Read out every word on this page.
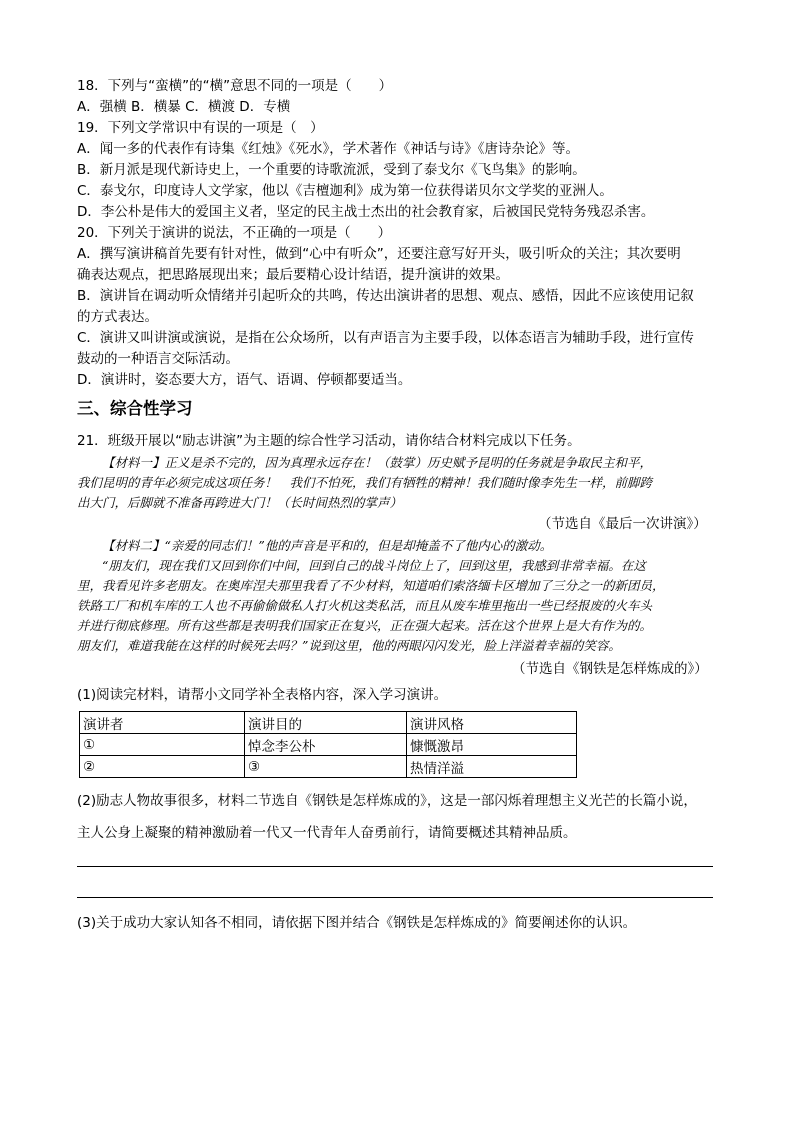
18．下列与“蛮横”的“横”意思不同的一项是（　　）
A．强横 B．横暴 C．横渡 D．专横
19．下列文学常识中有误的一项是（　）
A．闻一多的代表作有诗集《红烛》《死水》，学术著作《神话与诗》《唐诗杂论》等。
B．新月派是现代新诗史上，一个重要的诗歌流派，受到了泰戈尔《飞鸟集》的影响。
C．泰戈尔，印度诗人文学家，他以《吉檀迦利》成为第一位获得诺贝尔文学奖的亚洲人。
D．李公朴是伟大的爱国主义者，坚定的民主战士杰出的社会教育家，后被国民党特务残忍杀害。
20．下列关于演讲的说法，不正确的一项是（　　）
A．撰写演讲稿首先要有针对性，做到“心中有听众”，还要注意写好开头，吸引听众的关注；其次要明
确表达观点，把思路展现出来；最后要精心设计结语，提升演讲的效果。
B．演讲旨在调动听众情绪并引起听众的共鸣，传达出演讲者的思想、观点、感悟，因此不应该使用记叙
的方式表达。
C．演讲又叫讲演或演说，是指在公众场所，以有声语言为主要手段，以体态语言为辅助手段，进行宣传
鼓动的一种语言交际活动。
D．演讲时，姿态要大方，语气、语调、停顿都要适当。
三、综合性学习
21．班级开展以“励志讲演”为主题的综合性学习活动，请你结合材料完成以下任务。
【材料一】正义是杀不完的，因为真理永远存在！（鼓掌）历史赋予昆明的任务就是争取民主和平，
我们昆明的青年必须完成这项任务！　我们不怕死，我们有牺牲的精神！我们随时像李先生一样，前脚跨
出大门，后脚就不准备再跨进大门！（长时间热烈的掌声）
（节选自《最后一次讲演》）
【材料二】“亲爱的同志们！”他的声音是平和的，但是却掩盖不了他内心的激动。
“朋友们，现在我们又回到你们中间，回到自己的战斗岗位上了，回到这里，我感到非常幸福。在这
里，我看见许多老朋友。在奥库涅夫那里我看了不少材料，知道咱们索洛缅卡区增加了三分之一的新团员，
铁路工厂和机车库的工人也不再偷偷做私人打火机这类私活，而且从废车堆里拖出一些已经报废的火车头
并进行彻底修理。所有这些都是表明我们国家正在复兴，正在强大起来。活在这个世界上是大有作为的。
朋友们，难道我能在这样的时候死去吗？”说到这里，他的两眼闪闪发光，脸上洋溢着幸福的笑容。
（节选自《钢铁是怎样炼成的》）
(1)阅读完材料，请帮小文同学补全表格内容，深入学习演讲。
演讲者	演讲目的	演讲风格
①	悼念李公朴	慷慨激昂
②	③	热情洋溢
(2)励志人物故事很多，材料二节选自《钢铁是怎样炼成的》，这是一部闪烁着理想主义光芒的长篇小说，
主人公身上凝聚的精神激励着一代又一代青年人奋勇前行，请简要概述其精神品质。
(3)关于成功大家认知各不相同，请依据下图并结合《钢铁是怎样炼成的》简要阐述你的认识。
